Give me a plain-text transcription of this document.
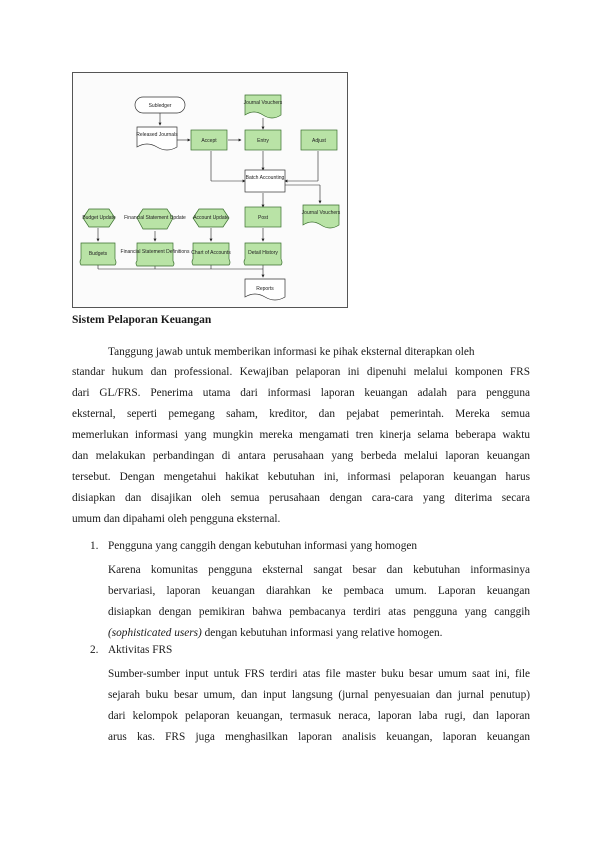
Subledger
Released Journals
Accept
Journal Vouchers
Entry	Adjust
Batch Accounting
Journal Vouchers
Budget Update Financial Statement Update Account Update	Post
Budgets	Financial Statement Definitions Chart of Accounts	Detail History
Reports
Sistem Pelaporan Keuangan
Tanggung jawab untuk memberikan informasi ke pihak eksternal diterapkan oleh
standar hukum dan professional. Kewajiban pelaporan ini dipenuhi melalui komponen FRS
dari GL/FRS. Penerima utama dari informasi laporan keuangan adalah para pengguna
eksternal, seperti pemegang saham, kreditor, dan pejabat pemerintah. Mereka semua
memerlukan informasi yang mungkin mereka mengamati tren kinerja selama beberapa waktu
dan melakukan perbandingan di antara perusahaan yang berbeda melalui laporan keuangan
tersebut. Dengan mengetahui hakikat kebutuhan ini, informasi pelaporan keuangan harus
disiapkan dan disajikan oleh semua perusahaan dengan cara-cara yang diterima secara
umum dan dipahami oleh pengguna eksternal.
1. Pengguna yang canggih dengan kebutuhan informasi yang homogen
Karena komunitas pengguna eksternal sangat besar dan kebutuhan informasinya
bervariasi, laporan keuangan diarahkan ke pembaca umum. Laporan keuangan
disiapkan dengan pemikiran bahwa pembacanya terdiri atas pengguna yang canggih
(sophisticated users) dengan kebutuhan informasi yang relative homogen.
2. Aktivitas FRS
Sumber-sumber input untuk FRS terdiri atas file master buku besar umum saat ini, file
sejarah buku besar umum, dan input langsung (jurnal penyesuaian dan jurnal penutup)
dari kelompok pelaporan keuangan, termasuk neraca, laporan laba rugi, dan laporan
arus kas. FRS juga menghasilkan laporan analisis keuangan, laporan keuangan
